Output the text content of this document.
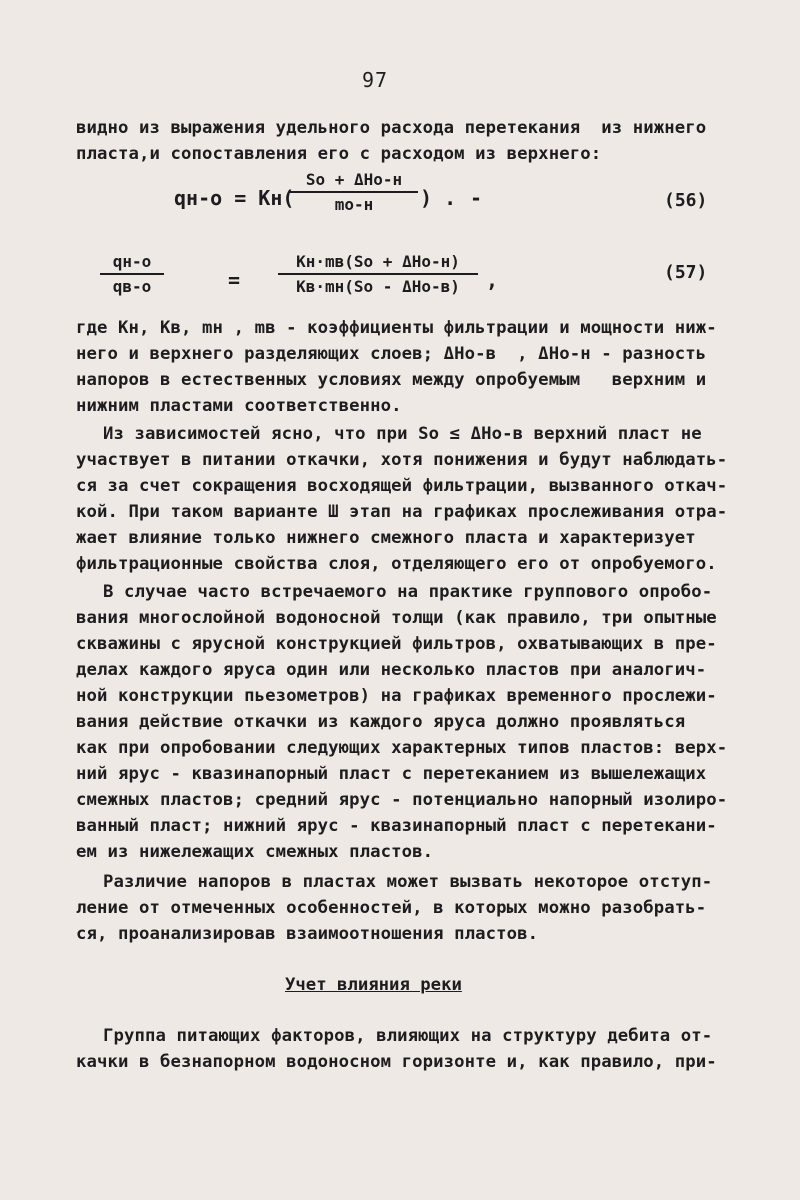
97
видно из выражения удельного расхода перетекания  из нижнего
пласта,и сопоставления его с расходом из верхнего:
qн-о = Kн(
So + ΔHо-н
mо-н	) . -	(56)
qн-о
qв-о	=
Kн·mв(So + ΔHо-н)
Kв·mн(So - ΔHо-в)	,	(57)
где Kн, Kв, mн , mв - коэффициенты фильтрации и мощности ниж-
него и верхнего разделяющих слоев; ΔHо-в  , ΔHо-н - разность
напоров в естественных условиях между опробуемым   верхним и
нижним пластами соответственно.
Из зависимостей ясно, что при So ≤ ΔHо-в верхний пласт не
участвует в питании откачки, хотя понижения и будут наблюдать-
ся за счет сокращения восходящей фильтрации, вызванного откач-
кой. При таком варианте Ш этап на графиках прослеживания отра-
жает влияние только нижнего смежного пласта и характеризует
фильтрационные свойства слоя, отделяющего его от опробуемого.
В случае часто встречаемого на практике группового опробо-
вания многослойной водоносной толщи (как правило, три опытные
скважины с ярусной конструкцией фильтров, охватывающих в пре-
делах каждого яруса один или несколько пластов при аналогич-
ной конструкции пьезометров) на графиках временного прослежи-
вания действие откачки из каждого яруса должно проявляться
как при опробовании следующих характерных типов пластов: верх-
ний ярус - квазинапорный пласт с перетеканием из вышележащих
смежных пластов; средний ярус - потенциально напорный изолиро-
ванный пласт; нижний ярус - квазинапорный пласт с перетекани-
ем из нижележащих смежных пластов.
Различие напоров в пластах может вызвать некоторое отступ-
ление от отмеченных особенностей, в которых можно разобрать-
ся, проанализировав взаимоотношения пластов.
Учет влияния реки
Группа питающих факторов, влияющих на структуру дебита от-
качки в безнапорном водоносном горизонте и, как правило, при-
